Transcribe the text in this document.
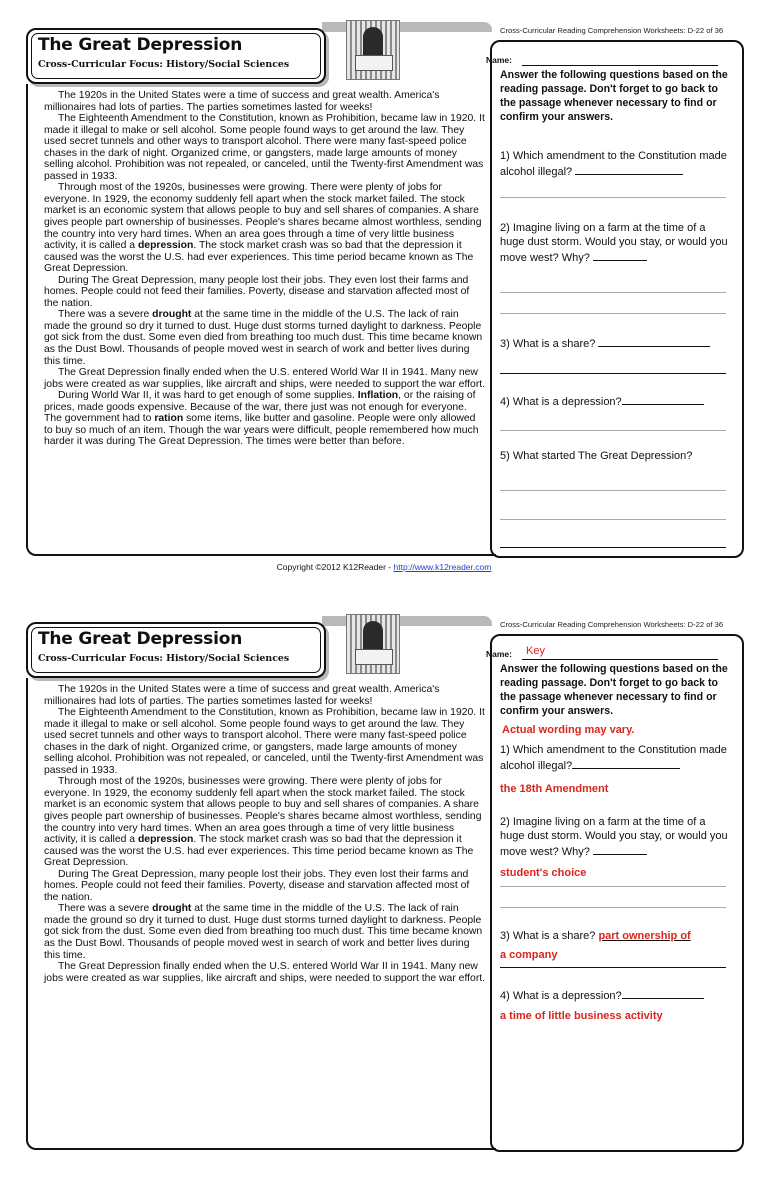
The Great Depression
Cross-Curricular Focus: History/Social Sciences
Cross-Curricular Reading Comprehension Worksheets: D-22 of 36

The 1920s in the United States were a time of success and great wealth. America's millionaires had lots of parties. The parties sometimes lasted for weeks!

The Eighteenth Amendment to the Constitution, known as Prohibition, became law in 1920. It made it illegal to make or sell alcohol. Some people found ways to get around the law. They used secret tunnels and other ways to transport alcohol. There were many fast-speed police chases in the dark of night. Organized crime, or gangsters, made large amounts of money selling alcohol. Prohibition was not repealed, or canceled, until the Twenty-first Amendment was passed in 1933.

Through most of the 1920s, businesses were growing. There were plenty of jobs for everyone. In 1929, the economy suddenly fell apart when the stock market failed. The stock market is an economic system that allows people to buy and sell shares of companies. A share gives people part ownership of businesses. People's shares became almost worthless, sending the country into very hard times. When an area goes through a time of very little business activity, it is called a depression. The stock market crash was so bad that the depression it caused was the worst the U.S. had ever experiences. This time period became known as The Great Depression.

During The Great Depression, many people lost their jobs. They even lost their farms and homes. People could not feed their families. Poverty, disease and starvation affected most of the nation.

There was a severe drought at the same time in the middle of the U.S. The lack of rain made the ground so dry it turned to dust. Huge dust storms turned daylight to darkness. People got sick from the dust. Some even died from breathing too much dust. This time became known as the Dust Bowl. Thousands of people moved west in search of work and better lives during this time.

The Great Depression finally ended when the U.S. entered World War II in 1941. Many new jobs were created as war supplies, like aircraft and ships, were needed to support the war effort.

During World War II, it was hard to get enough of some supplies. Inflation, or the raising of prices, made goods expensive. Because of the war, there just was not enough for everyone. The government had to ration some items, like butter and gasoline. People were only allowed to buy so much of an item. Though the war years were difficult, people remembered how much harder it was during The Great Depression. The times were better than before.

Name:

Answer the following questions based on the reading passage. Don't forget to go back to the passage whenever necessary to find or confirm your answers.

1) Which amendment to the Constitution made alcohol illegal?

2) Imagine living on a farm at the time of a huge dust storm. Would you stay, or would you move west? Why?

3) What is a share?

4) What is a depression?

5) What started The Great Depression?

Copyright ©2012 K12Reader - http://www.k12reader.com
The Great Depression
Cross-Curricular Focus: History/Social Sciences
Cross-Curricular Reading Comprehension Worksheets: D-22 of 36

The 1920s in the United States were a time of success and great wealth. America's millionaires had lots of parties. The parties sometimes lasted for weeks!

The Eighteenth Amendment to the Constitution, known as Prohibition, became law in 1920. It made it illegal to make or sell alcohol. Some people found ways to get around the law. They used secret tunnels and other ways to transport alcohol. There were many fast-speed police chases in the dark of night. Organized crime, or gangsters, made large amounts of money selling alcohol. Prohibition was not repealed, or canceled, until the Twenty-first Amendment was passed in 1933.

Through most of the 1920s, businesses were growing. There were plenty of jobs for everyone. In 1929, the economy suddenly fell apart when the stock market failed. The stock market is an economic system that allows people to buy and sell shares of companies. A share gives people part ownership of businesses. People's shares became almost worthless, sending the country into very hard times. When an area goes through a time of very little business activity, it is called a depression. The stock market crash was so bad that the depression it caused was the worst the U.S. had ever experiences. This time period became known as The Great Depression.

During The Great Depression, many people lost their jobs. They even lost their farms and homes. People could not feed their families. Poverty, disease and starvation affected most of the nation.

There was a severe drought at the same time in the middle of the U.S. The lack of rain made the ground so dry it turned to dust. Huge dust storms turned daylight to darkness. People got sick from the dust. Some even died from breathing too much dust. This time became known as the Dust Bowl. Thousands of people moved west in search of work and better lives during this time.

The Great Depression finally ended when the U.S. entered World War II in 1941. Many new jobs were created as war supplies, like aircraft and ships, were needed to support the war effort.

Name: Key

Answer the following questions based on the reading passage. Don't forget to go back to the passage whenever necessary to find or confirm your answers.

Actual wording may vary.

1) Which amendment to the Constitution made alcohol illegal?

the 18th Amendment

2) Imagine living on a farm at the time of a huge dust storm. Would you stay, or would you move west? Why?

student's choice

3) What is a share? part ownership of

a company

4) What is a depression?

a time of little business activity
